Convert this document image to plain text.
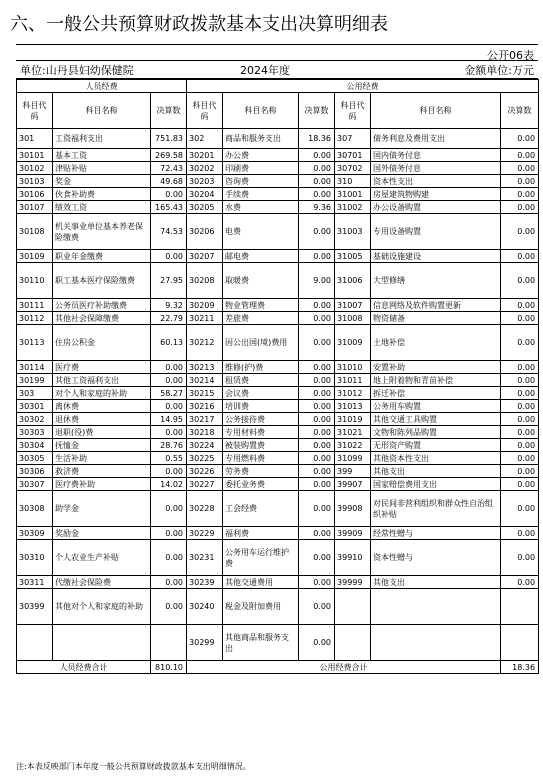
六、一般公共预算财政拨款基本支出决算明细表
公开06表
单位:山丹县妇幼保健院	2024年度	金额单位:万元
人员经费			公用经费					
科目代码	科目名称	决算数	科目代码	科目名称	决算数	科目代码	科目名称	决算数
301	工资福利支出	751.83	302	商品和服务支出	18.36	307	债务利息及费用支出	0.00
30101	基本工资	269.58	30201	办公费	0.00	30701	国内债务付息	0.00
30102	津贴补贴	72.43	30202	印刷费	0.00	30702	国外债务付息	0.00
30103	奖金	49.68	30203	咨询费	0.00	310	资本性支出	0.00
30106	伙食补助费	0.00	30204	手续费	0.00	31001	房屋建筑物购建	0.00
30107	绩效工资	165.43	30205	水费	9.36	31002	办公设备购置	0.00
30108	机关事业单位基本养老保险缴费	74.53	30206	电费	0.00	31003	专用设备购置	0.00
30109	职业年金缴费	0.00	30207	邮电费	0.00	31005	基础设施建设	0.00
30110	职工基本医疗保险缴费	27.95	30208	取暖费	9.00	31006	大型修缮	0.00
30111	公务员医疗补助缴费	9.32	30209	物业管理费	0.00	31007	信息网络及软件购置更新	0.00
30112	其他社会保障缴费	22.79	30211	差旅费	0.00	31008	物资储备	0.00
30113	住房公积金	60.13	30212	因公出国(境)费用	0.00	31009	土地补偿	0.00
30114	医疗费	0.00	30213	维修(护)费	0.00	31010	安置补助	0.00
30199	其他工资福利支出	0.00	30214	租赁费	0.00	31011	地上附着物和青苗补偿	0.00
303	对个人和家庭的补助	58.27	30215	会议费	0.00	31012	拆迁补偿	0.00
30301	离休费	0.00	30216	培训费	0.00	31013	公务用车购置	0.00
30302	退休费	14.95	30217	公务接待费	0.00	31019	其他交通工具购置	0.00
30303	退职(役)费	0.00	30218	专用材料费	0.00	31021	文物和陈列品购置	0.00
30304	抚恤金	28.76	30224	被装购置费	0.00	31022	无形资产购置	0.00
30305	生活补助	0.55	30225	专用燃料费	0.00	31099	其他资本性支出	0.00
30306	救济费	0.00	30226	劳务费	0.00	399	其他支出	0.00
30307	医疗费补助	14.02	30227	委托业务费	0.00	39907	国家赔偿费用支出	0.00
30308	助学金	0.00	30228	工会经费	0.00	39908	对民间非营利组织和群众性自治组织补贴	0.00
30309	奖励金	0.00	30229	福利费	0.00	39909	经常性赠与	0.00
30310	个人农业生产补贴	0.00	30231	公务用车运行维护费	0.00	39910	资本性赠与	0.00
30311	代缴社会保险费	0.00	30239	其他交通费用	0.00	39999	其他支出	0.00
30399	其他对个人和家庭的补助	0.00	30240	税金及附加费用	0.00			
			30299	其他商品和服务支出	0.00			
人员经费合计		810.10	公用经费合计					18.36
注:本表反映部门本年度一般公共预算财政拨款基本支出明细情况。
